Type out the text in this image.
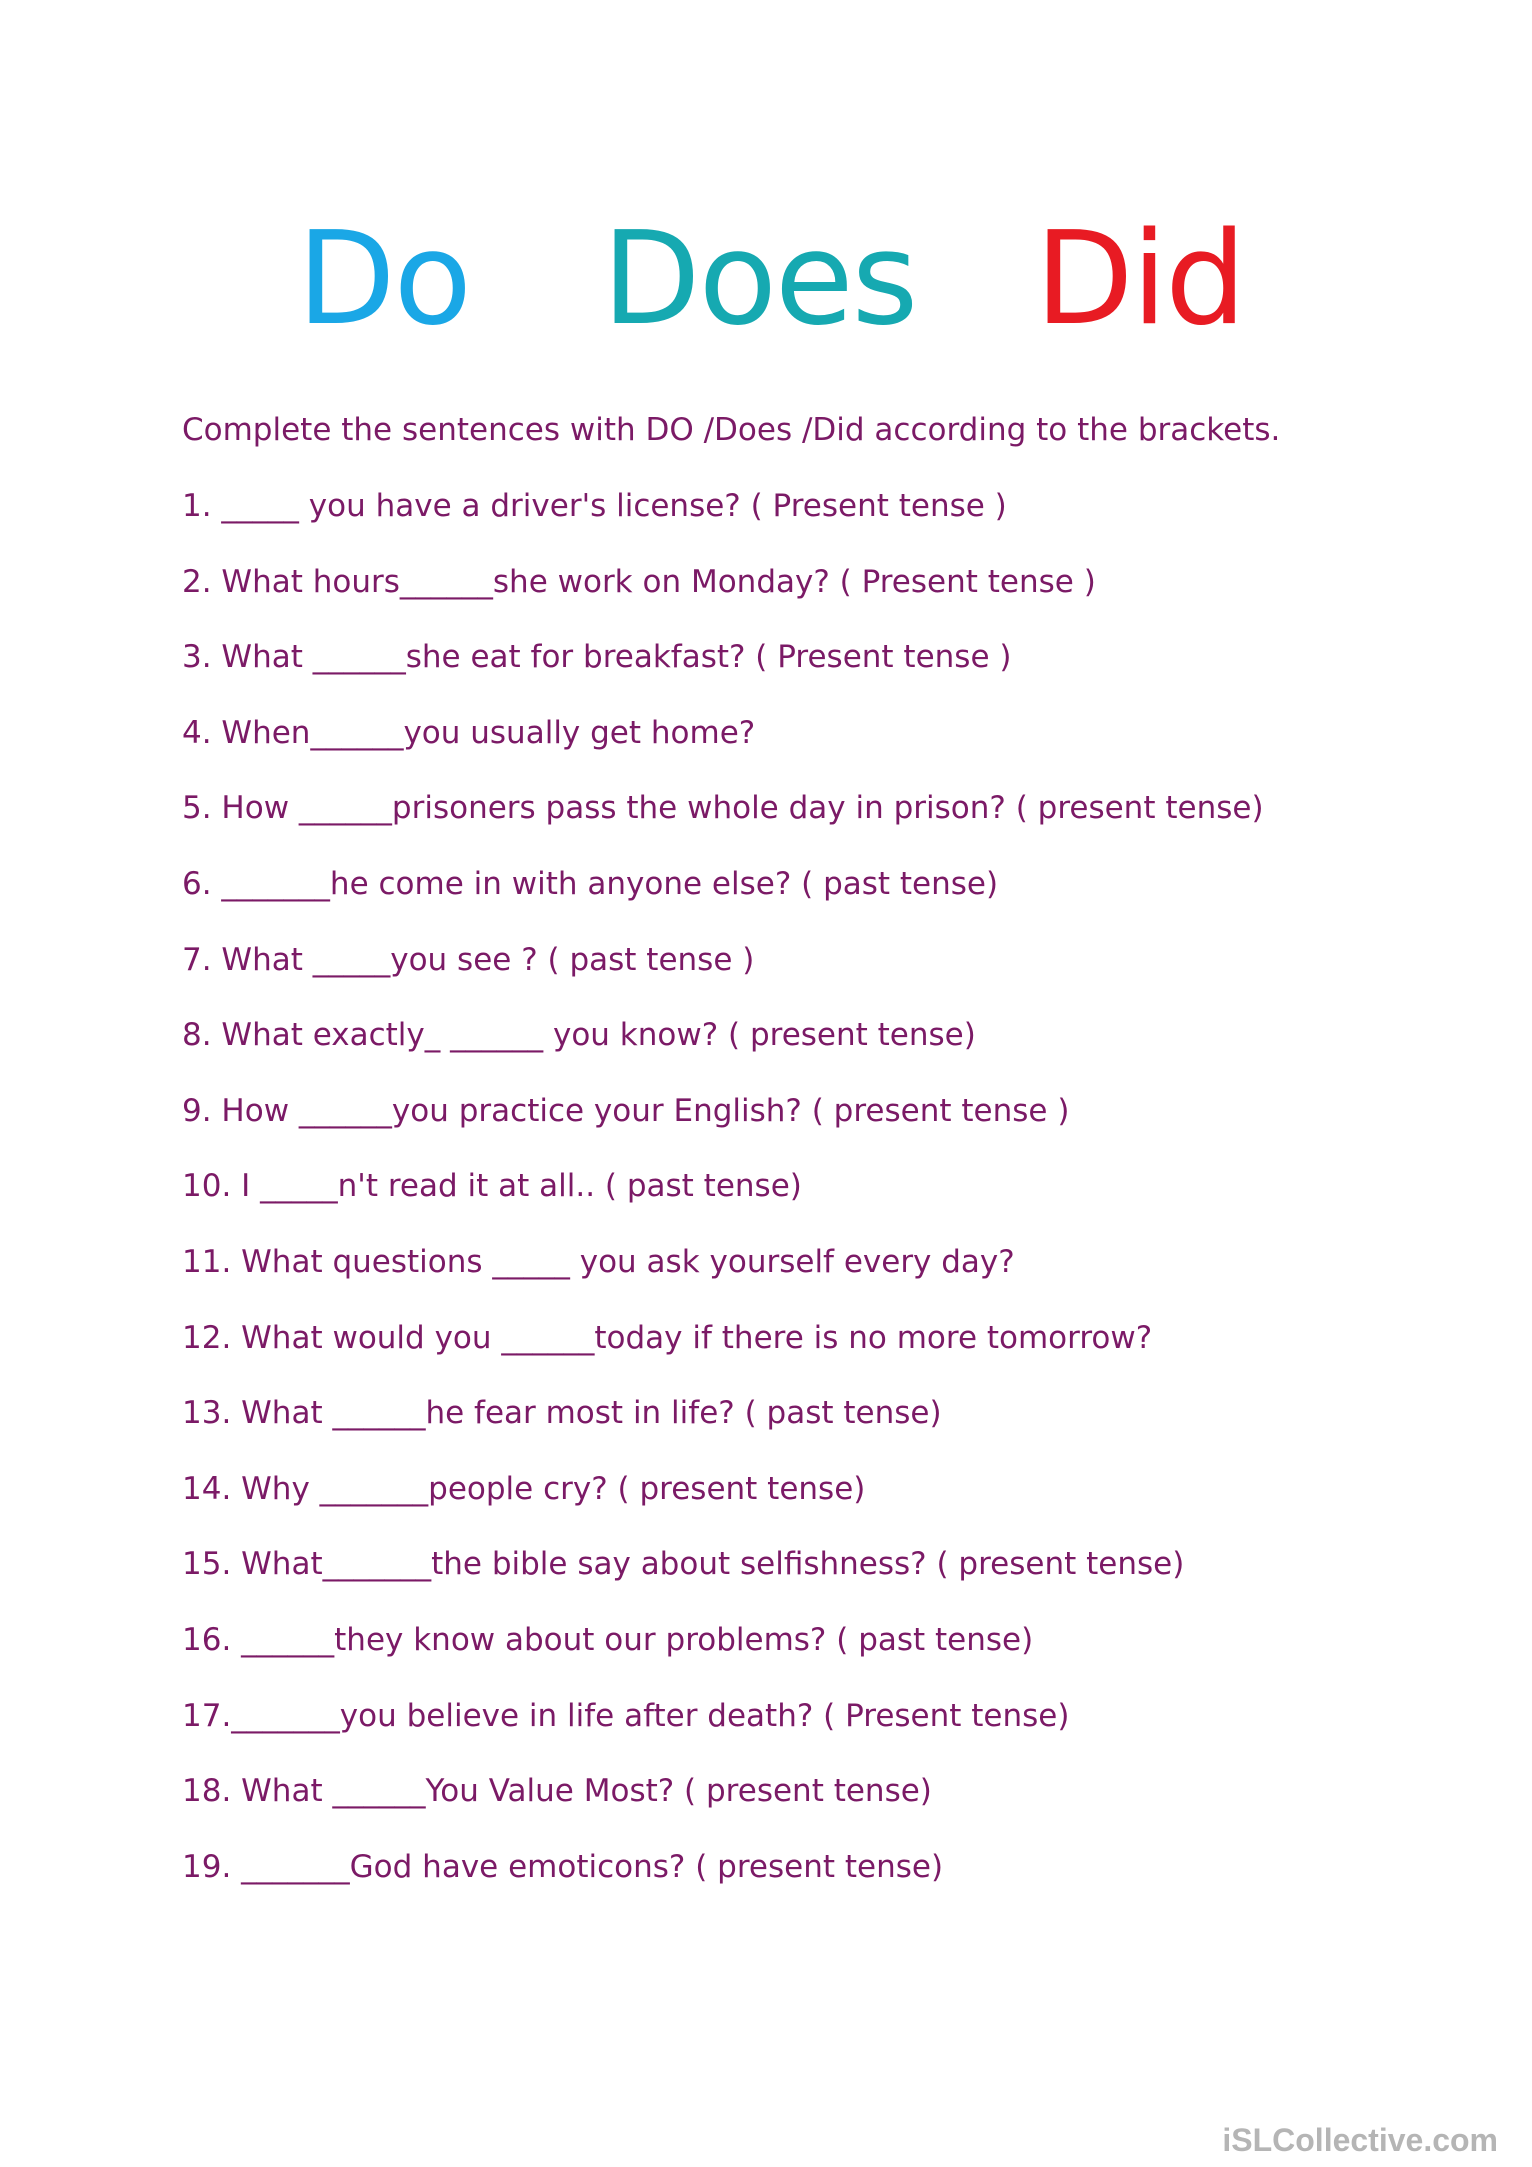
Do Does Did
Complete the sentences with DO /Does /Did according to the brackets.
1. _____ you have a driver's license? ( Present tense )
2. What hours______she work on Monday? ( Present tense )
3. What ______she eat for breakfast? ( Present tense )
4. When______you usually get home?
5. How ______prisoners pass the whole day in prison? ( present tense)
6. _______he come in with anyone else? ( past tense)
7. What _____you see ? ( past tense )
8. What exactly_ ______ you know? ( present tense)
9. How ______you practice your English? ( present tense )
10. I _____n't read it at all.. ( past tense)
11. What questions _____ you ask yourself every day?
12. What would you ______today if there is no more tomorrow?
13. What ______he fear most in life? ( past tense)
14. Why _______people cry? ( present tense)
15. What_______the bible say about selfishness? ( present tense)
16. ______they know about our problems? ( past tense)
17._______you believe in life after death? ( Present tense)
18. What ______You Value Most? ( present tense)
19. _______God have emoticons? ( present tense)
iSLCollective.com
